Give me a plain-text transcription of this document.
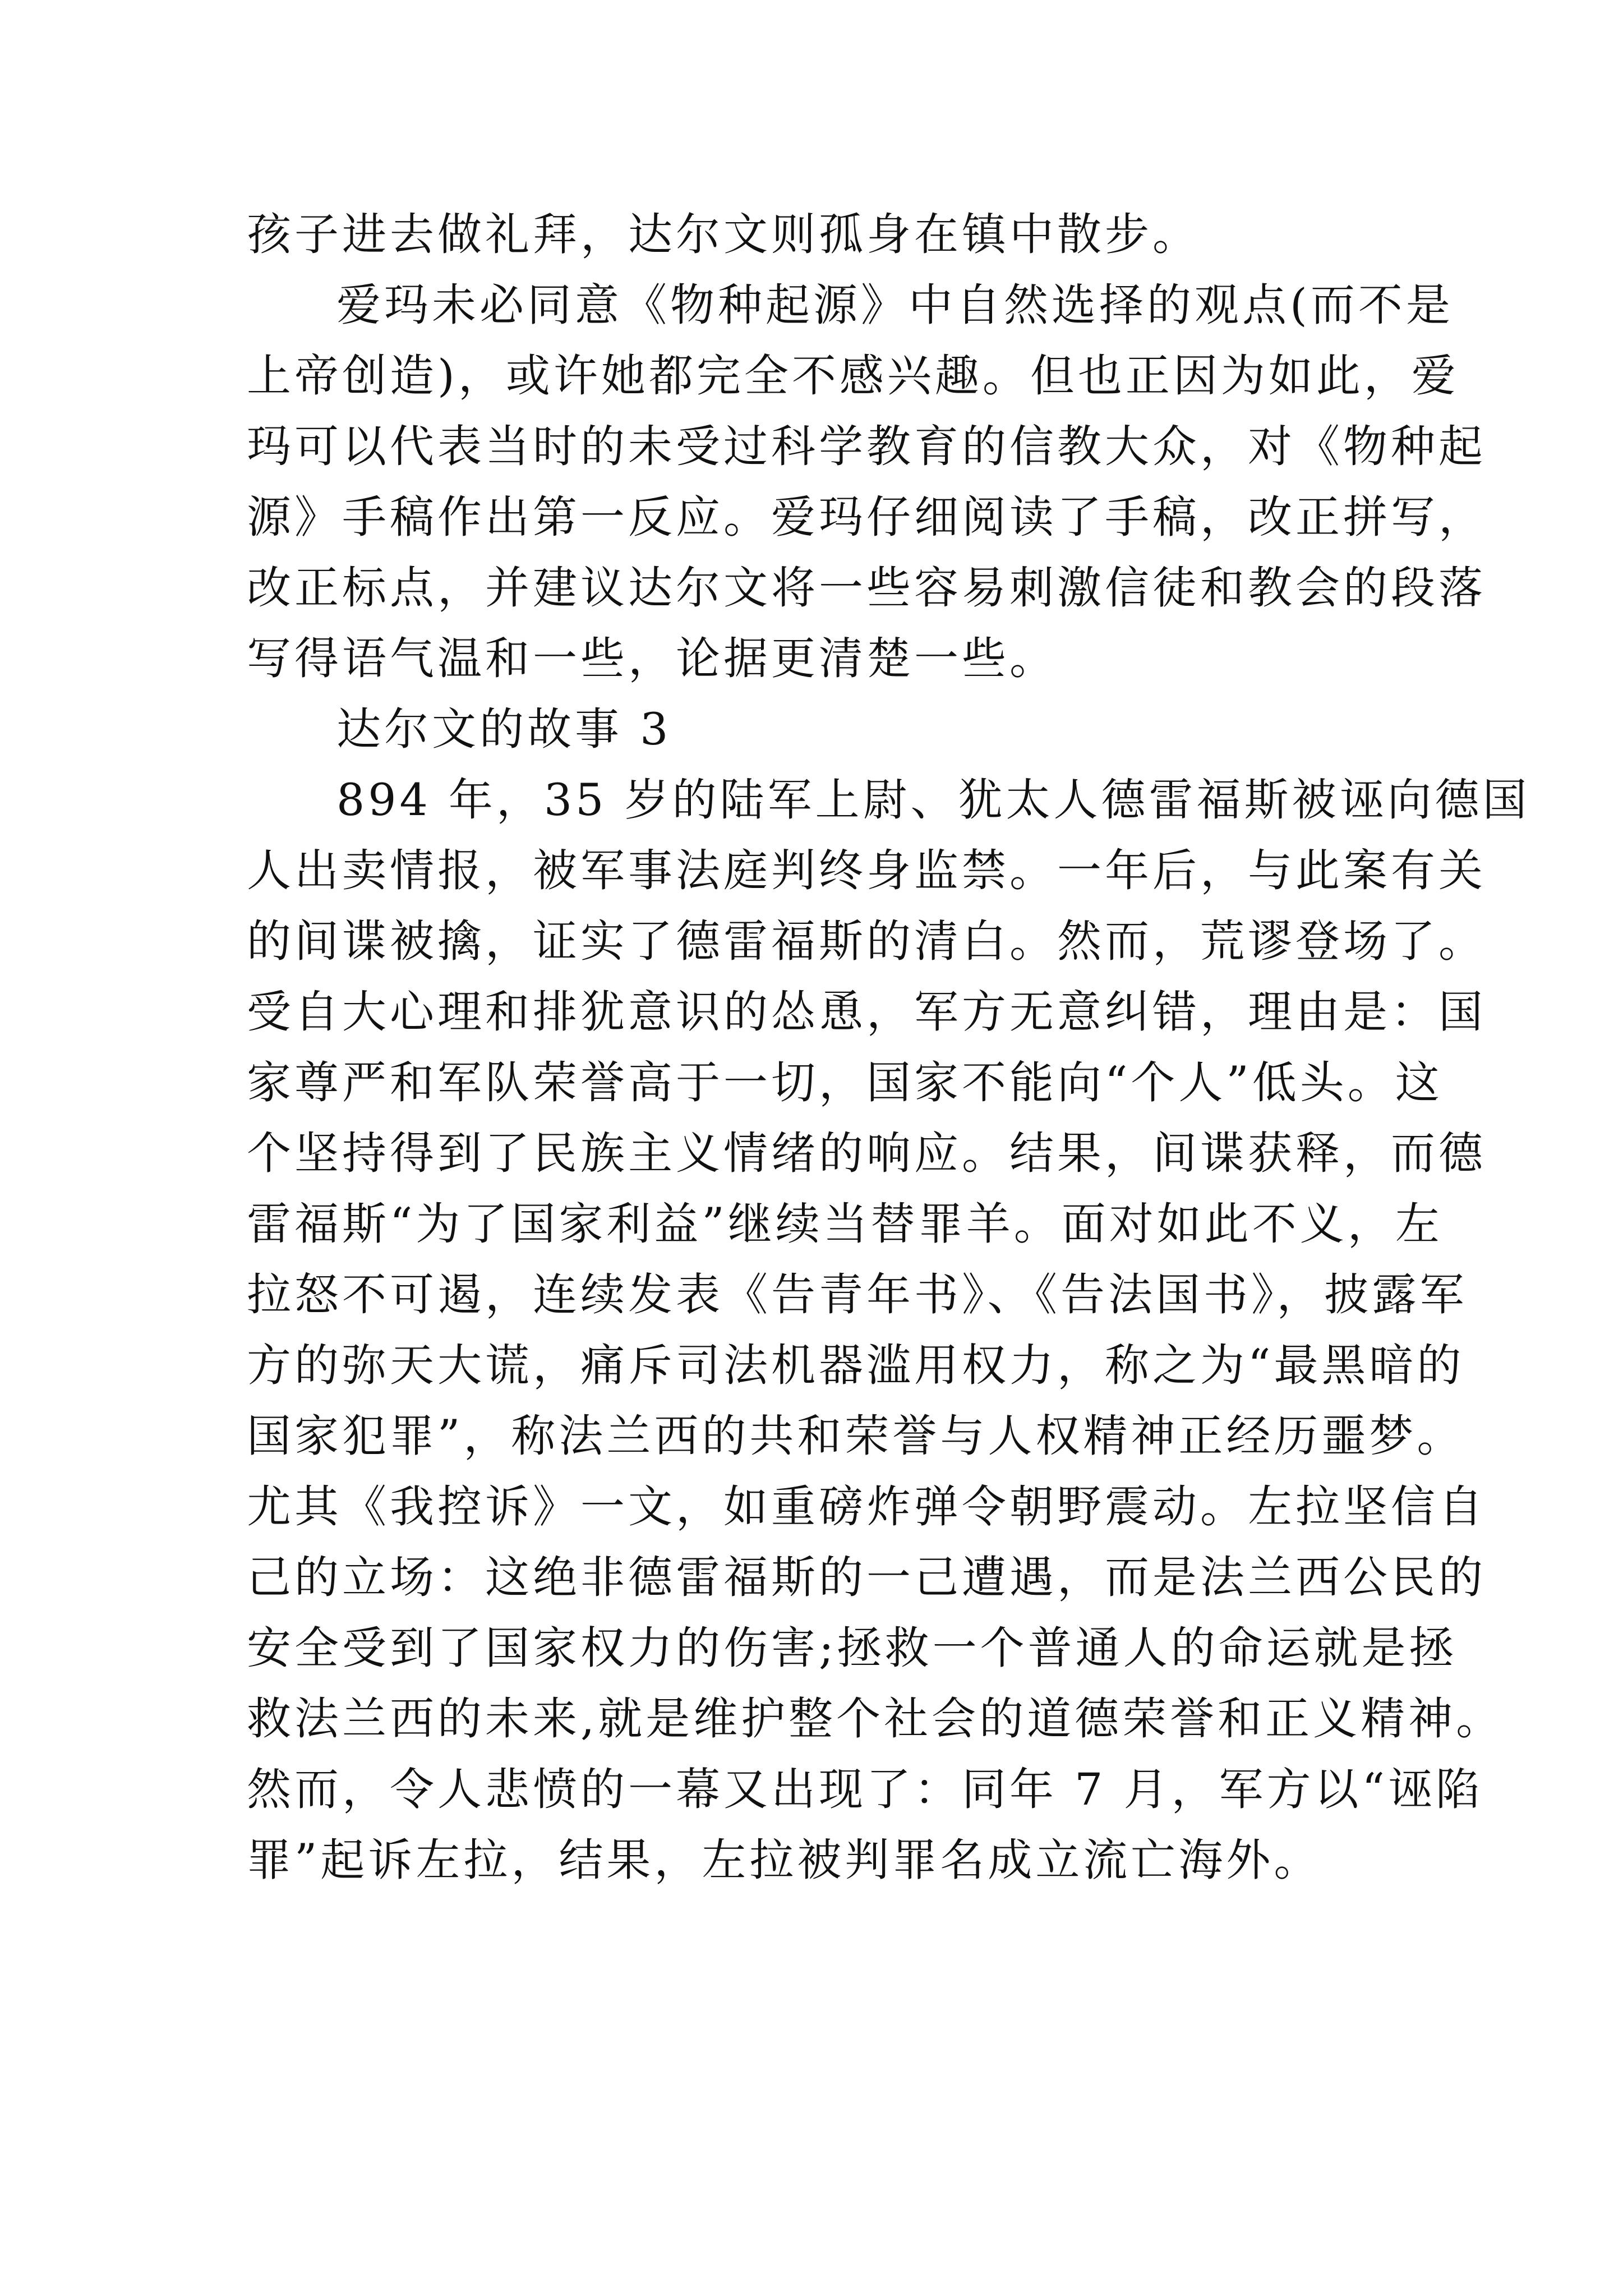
孩子进去做礼拜，达尔文则孤身在镇中散步。
爱玛未必同意《物种起源》中自然选择的观点(而不是
上帝创造)，或许她都完全不感兴趣。但也正因为如此，爱
玛可以代表当时的未受过科学教育的信教大众，对《物种起
源》手稿作出第一反应。爱玛仔细阅读了手稿，改正拼写，
改正标点，并建议达尔文将一些容易刺激信徒和教会的段落
写得语气温和一些，论据更清楚一些。
达尔文的故事 3
894 年，35 岁的陆军上尉、犹太人德雷福斯被诬向德国
人出卖情报，被军事法庭判终身监禁。一年后，与此案有关
的间谍被擒，证实了德雷福斯的清白。然而，荒谬登场了。
受自大心理和排犹意识的怂恿，军方无意纠错，理由是：国
家尊严和军队荣誉高于一切，国家不能向“个人”低头。这
个坚持得到了民族主义情绪的响应。结果，间谍获释，而德
雷福斯“为了国家利益”继续当替罪羊。面对如此不义，左
拉怒不可遏，连续发表《告青年书》、《告法国书》，披露军
方的弥天大谎，痛斥司法机器滥用权力，称之为“最黑暗的
国家犯罪”，称法兰西的共和荣誉与人权精神正经历噩梦。
尤其《我控诉》一文，如重磅炸弹令朝野震动。左拉坚信自
己的立场：这绝非德雷福斯的一己遭遇，而是法兰西公民的
安全受到了国家权力的伤害;拯救一个普通人的命运就是拯
救法兰西的未来,就是维护整个社会的道德荣誉和正义精神。
然而，令人悲愤的一幕又出现了：同年 7 月，军方以“诬陷
罪”起诉左拉，结果，左拉被判罪名成立流亡海外。
